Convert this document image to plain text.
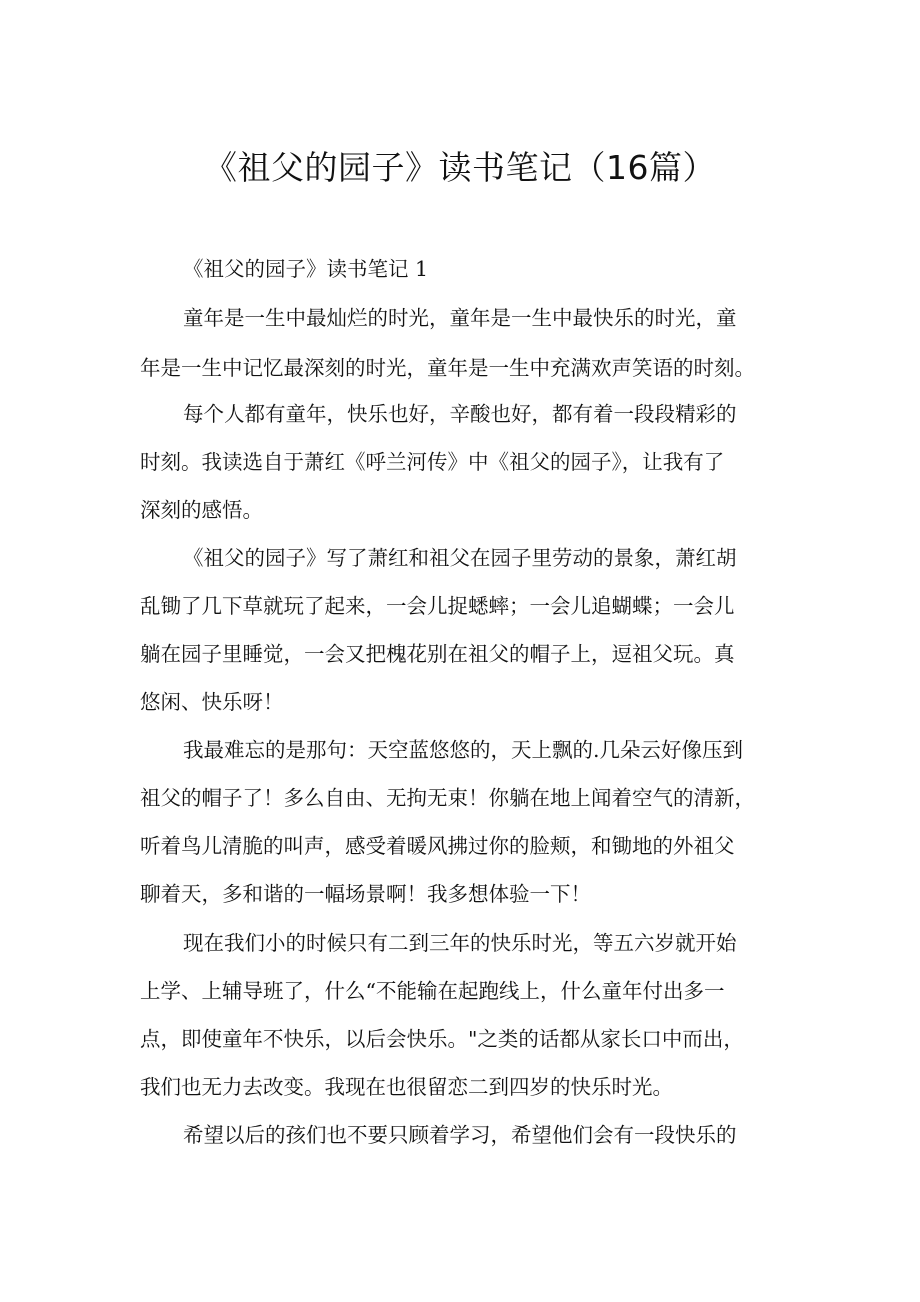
《祖父的园子》读书笔记（16篇）
《祖父的园子》读书笔记 1
童年是一生中最灿烂的时光，童年是一生中最快乐的时光，童
年是一生中记忆最深刻的时光，童年是一生中充满欢声笑语的时刻。
每个人都有童年，快乐也好，辛酸也好，都有着一段段精彩的
时刻。我读选自于萧红《呼兰河传》中《祖父的园子》，让我有了
深刻的感悟。
《祖父的园子》写了萧红和祖父在园子里劳动的景象，萧红胡
乱锄了几下草就玩了起来，一会儿捉蟋蟀；一会儿追蝴蝶；一会儿
躺在园子里睡觉，一会又把槐花别在祖父的帽子上，逗祖父玩。真
悠闲、快乐呀！
我最难忘的是那句：天空蓝悠悠的，天上飘的.几朵云好像压到
祖父的帽子了！多么自由、无拘无束！你躺在地上闻着空气的清新，
听着鸟儿清脆的叫声，感受着暖风拂过你的脸颊，和锄地的外祖父
聊着天，多和谐的一幅场景啊！我多想体验一下！
现在我们小的时候只有二到三年的快乐时光，等五六岁就开始
上学、上辅导班了，什么“不能输在起跑线上，什么童年付出多一
点，即使童年不快乐，以后会快乐。"之类的话都从家长口中而出，
我们也无力去改变。我现在也很留恋二到四岁的快乐时光。
希望以后的孩们也不要只顾着学习，希望他们会有一段快乐的
